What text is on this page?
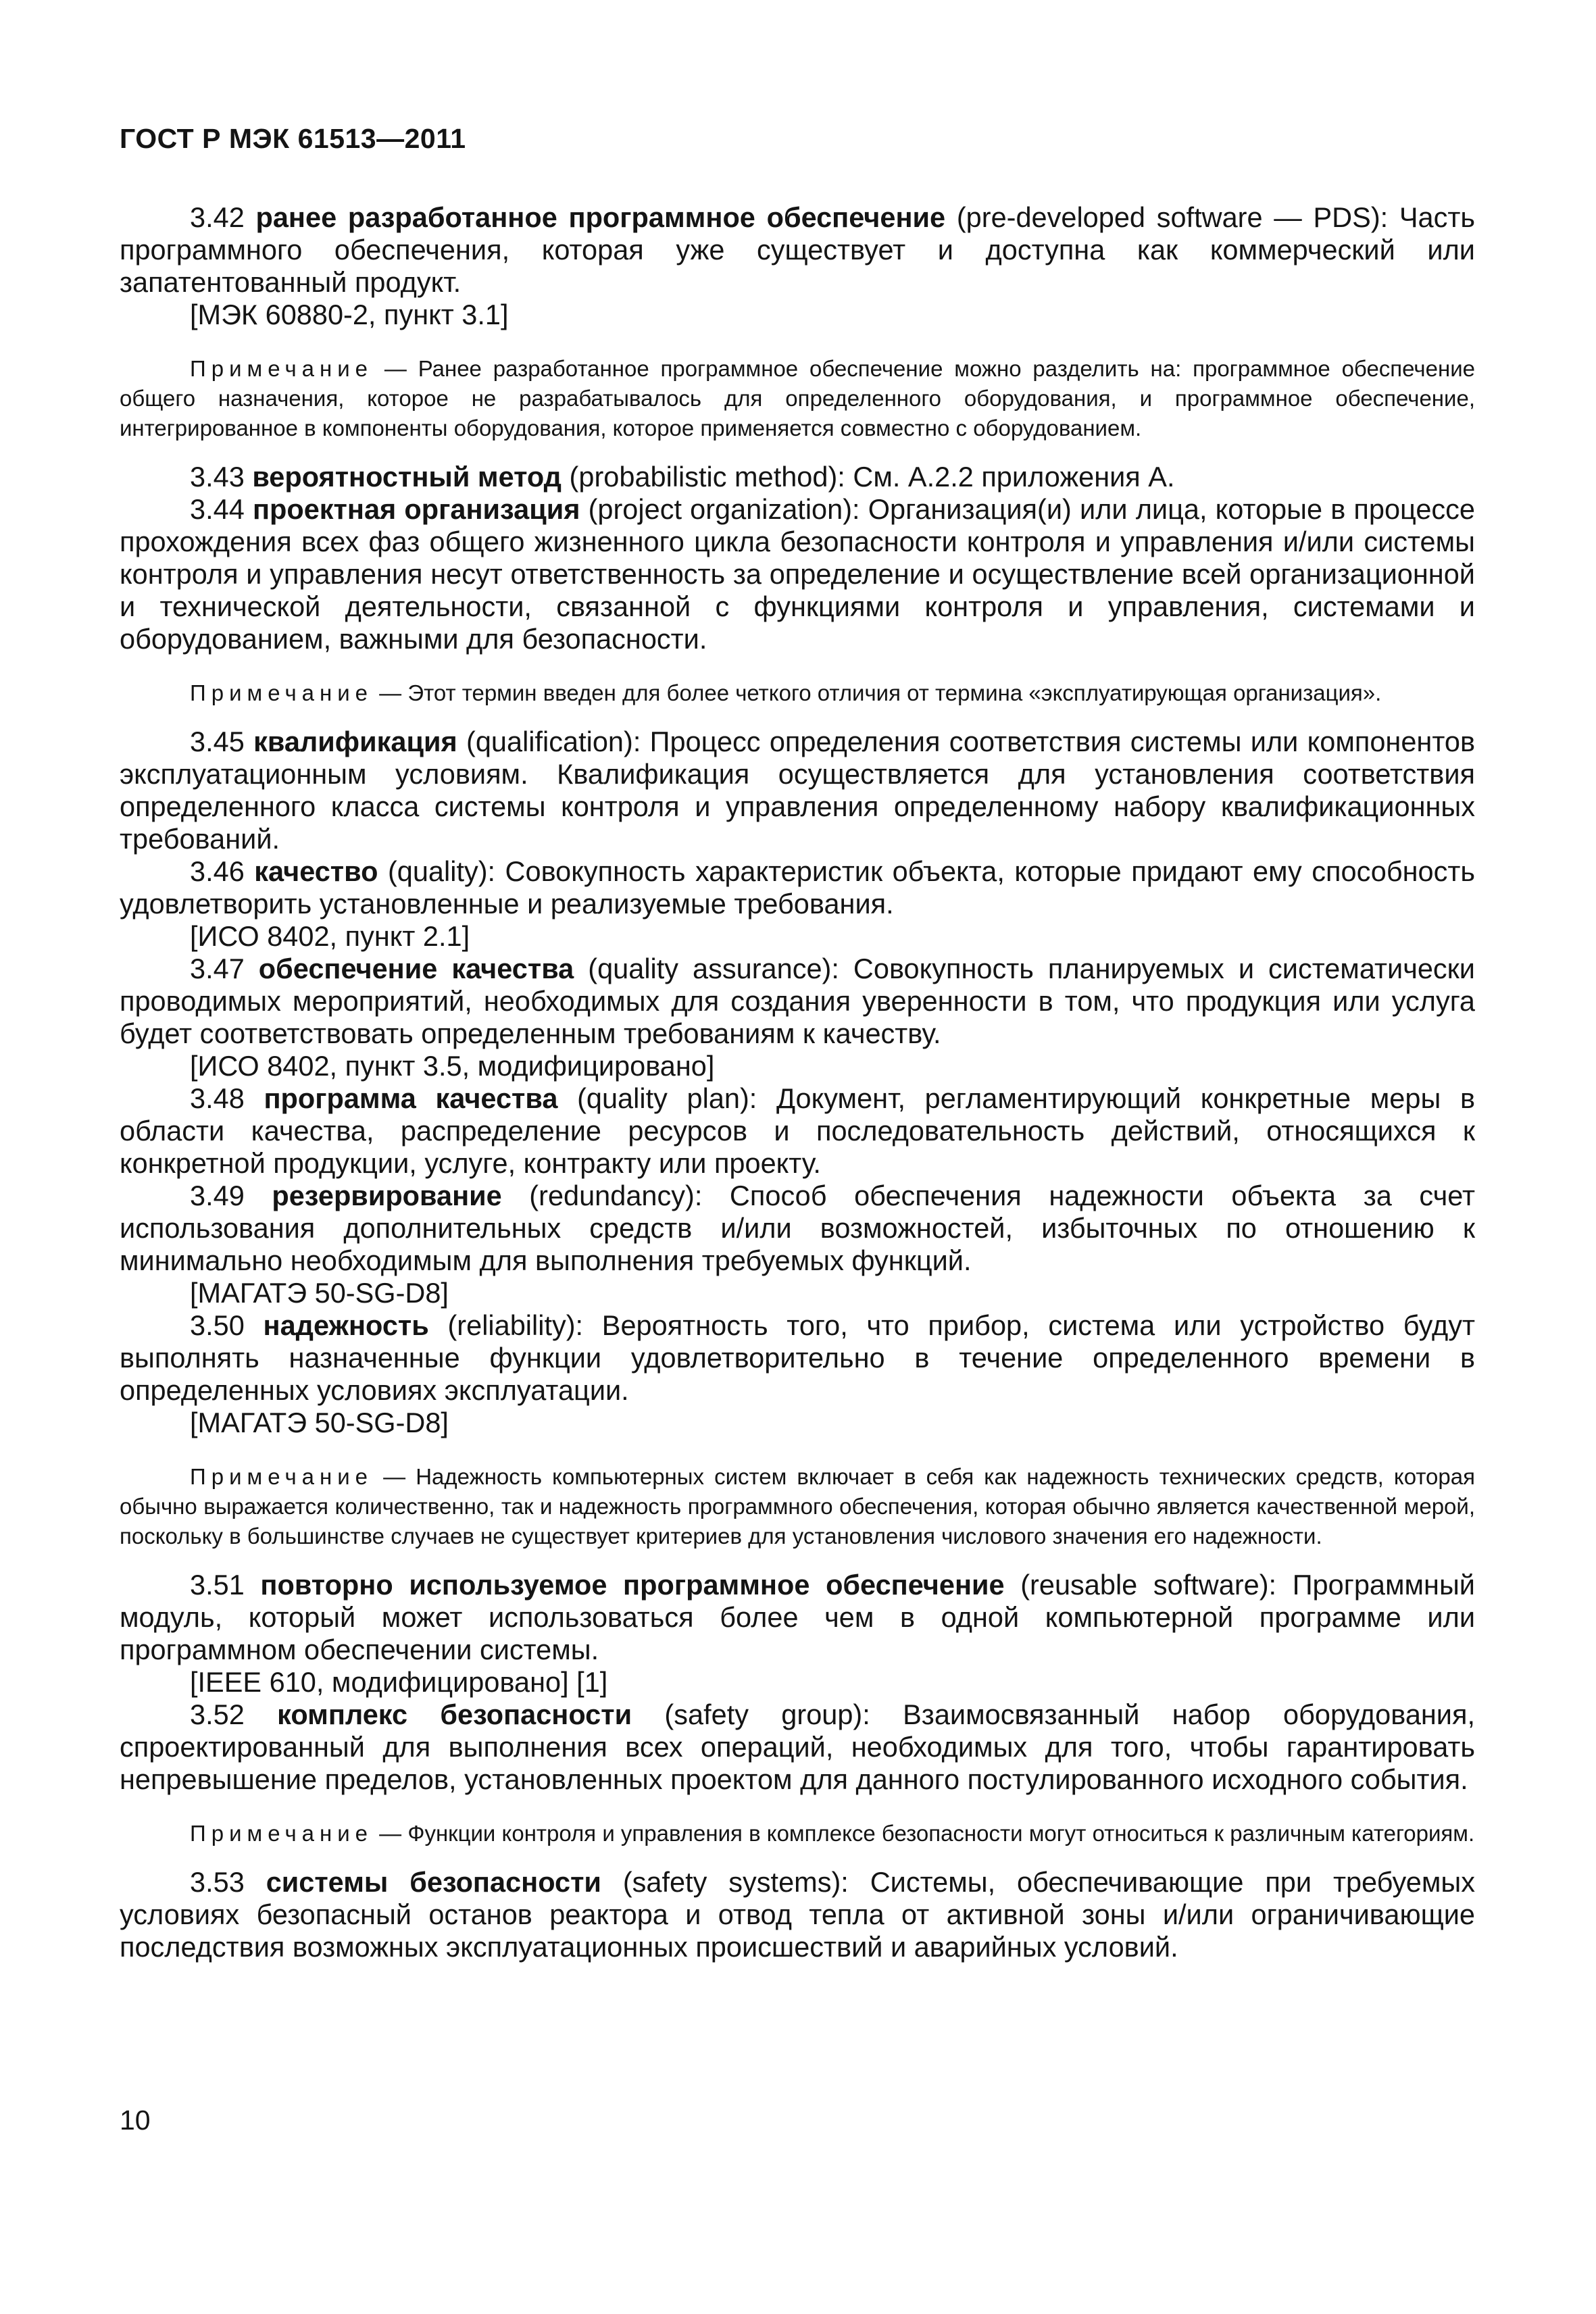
ГОСТ Р МЭК 61513—2011

3.42 ранее разработанное программное обеспечение (pre-developed software — PDS): Часть программного обеспечения, которая уже существует и доступна как коммерческий или запатентованный продукт.

[МЭК 60880-2, пункт 3.1]

Примечание — Ранее разработанное программное обеспечение можно разделить на: программное обеспечение общего назначения, которое не разрабатывалось для определенного оборудования, и программное обеспечение, интегрированное в компоненты оборудования, которое применяется совместно с оборудованием.

3.43 вероятностный метод (probabilistic method): См. А.2.2 приложения А.

3.44 проектная организация (project organization): Организация(и) или лица, которые в процессе прохождения всех фаз общего жизненного цикла безопасности контроля и управления и/или системы контроля и управления несут ответственность за определение и осуществление всей организационной и технической деятельности, связанной с функциями контроля и управления, системами и оборудованием, важными для безопасности.

Примечание — Этот термин введен для более четкого отличия от термина «эксплуатирующая организация».

3.45 квалификация (qualification): Процесс определения соответствия системы или компонентов эксплуатационным условиям. Квалификация осуществляется для установления соответствия определенного класса системы контроля и управления определенному набору квалификационных требований.

3.46 качество (quality): Совокупность характеристик объекта, которые придают ему способность удовлетворить установленные и реализуемые требования.

[ИСО 8402, пункт 2.1]

3.47 обеспечение качества (quality assurance): Совокупность планируемых и систематически проводимых мероприятий, необходимых для создания уверенности в том, что продукция или услуга будет соответствовать определенным требованиям к качеству.

[ИСО 8402, пункт 3.5, модифицировано]

3.48 программа качества (quality plan): Документ, регламентирующий конкретные меры в области качества, распределение ресурсов и последовательность действий, относящихся к конкретной продукции, услуге, контракту или проекту.

3.49 резервирование (redundancy): Способ обеспечения надежности объекта за счет использования дополнительных средств и/или возможностей, избыточных по отношению к минимально необходимым для выполнения требуемых функций.

[МАГАТЭ 50-SG-D8]

3.50 надежность (reliability): Вероятность того, что прибор, система или устройство будут выполнять назначенные функции удовлетворительно в течение определенного времени в определенных условиях эксплуатации.

[МАГАТЭ 50-SG-D8]

Примечание — Надежность компьютерных систем включает в себя как надежность технических средств, которая обычно выражается количественно, так и надежность программного обеспечения, которая обычно является качественной мерой, поскольку в большинстве случаев не существует критериев для установления числового значения его надежности.

3.51 повторно используемое программное обеспечение (reusable software): Программный модуль, который может использоваться более чем в одной компьютерной программе или программном обеспечении системы.

[IEEE 610, модифицировано] [1]

3.52 комплекс безопасности (safety group): Взаимосвязанный набор оборудования, спроектированный для выполнения всех операций, необходимых для того, чтобы гарантировать непревышение пределов, установленных проектом для данного постулированного исходного события.

Примечание — Функции контроля и управления в комплексе безопасности могут относиться к различным категориям.

3.53 системы безопасности (safety systems): Системы, обеспечивающие при требуемых условиях безопасный останов реактора и отвод тепла от активной зоны и/или ограничивающие последствия возможных эксплуатационных происшествий и аварийных условий.

10
